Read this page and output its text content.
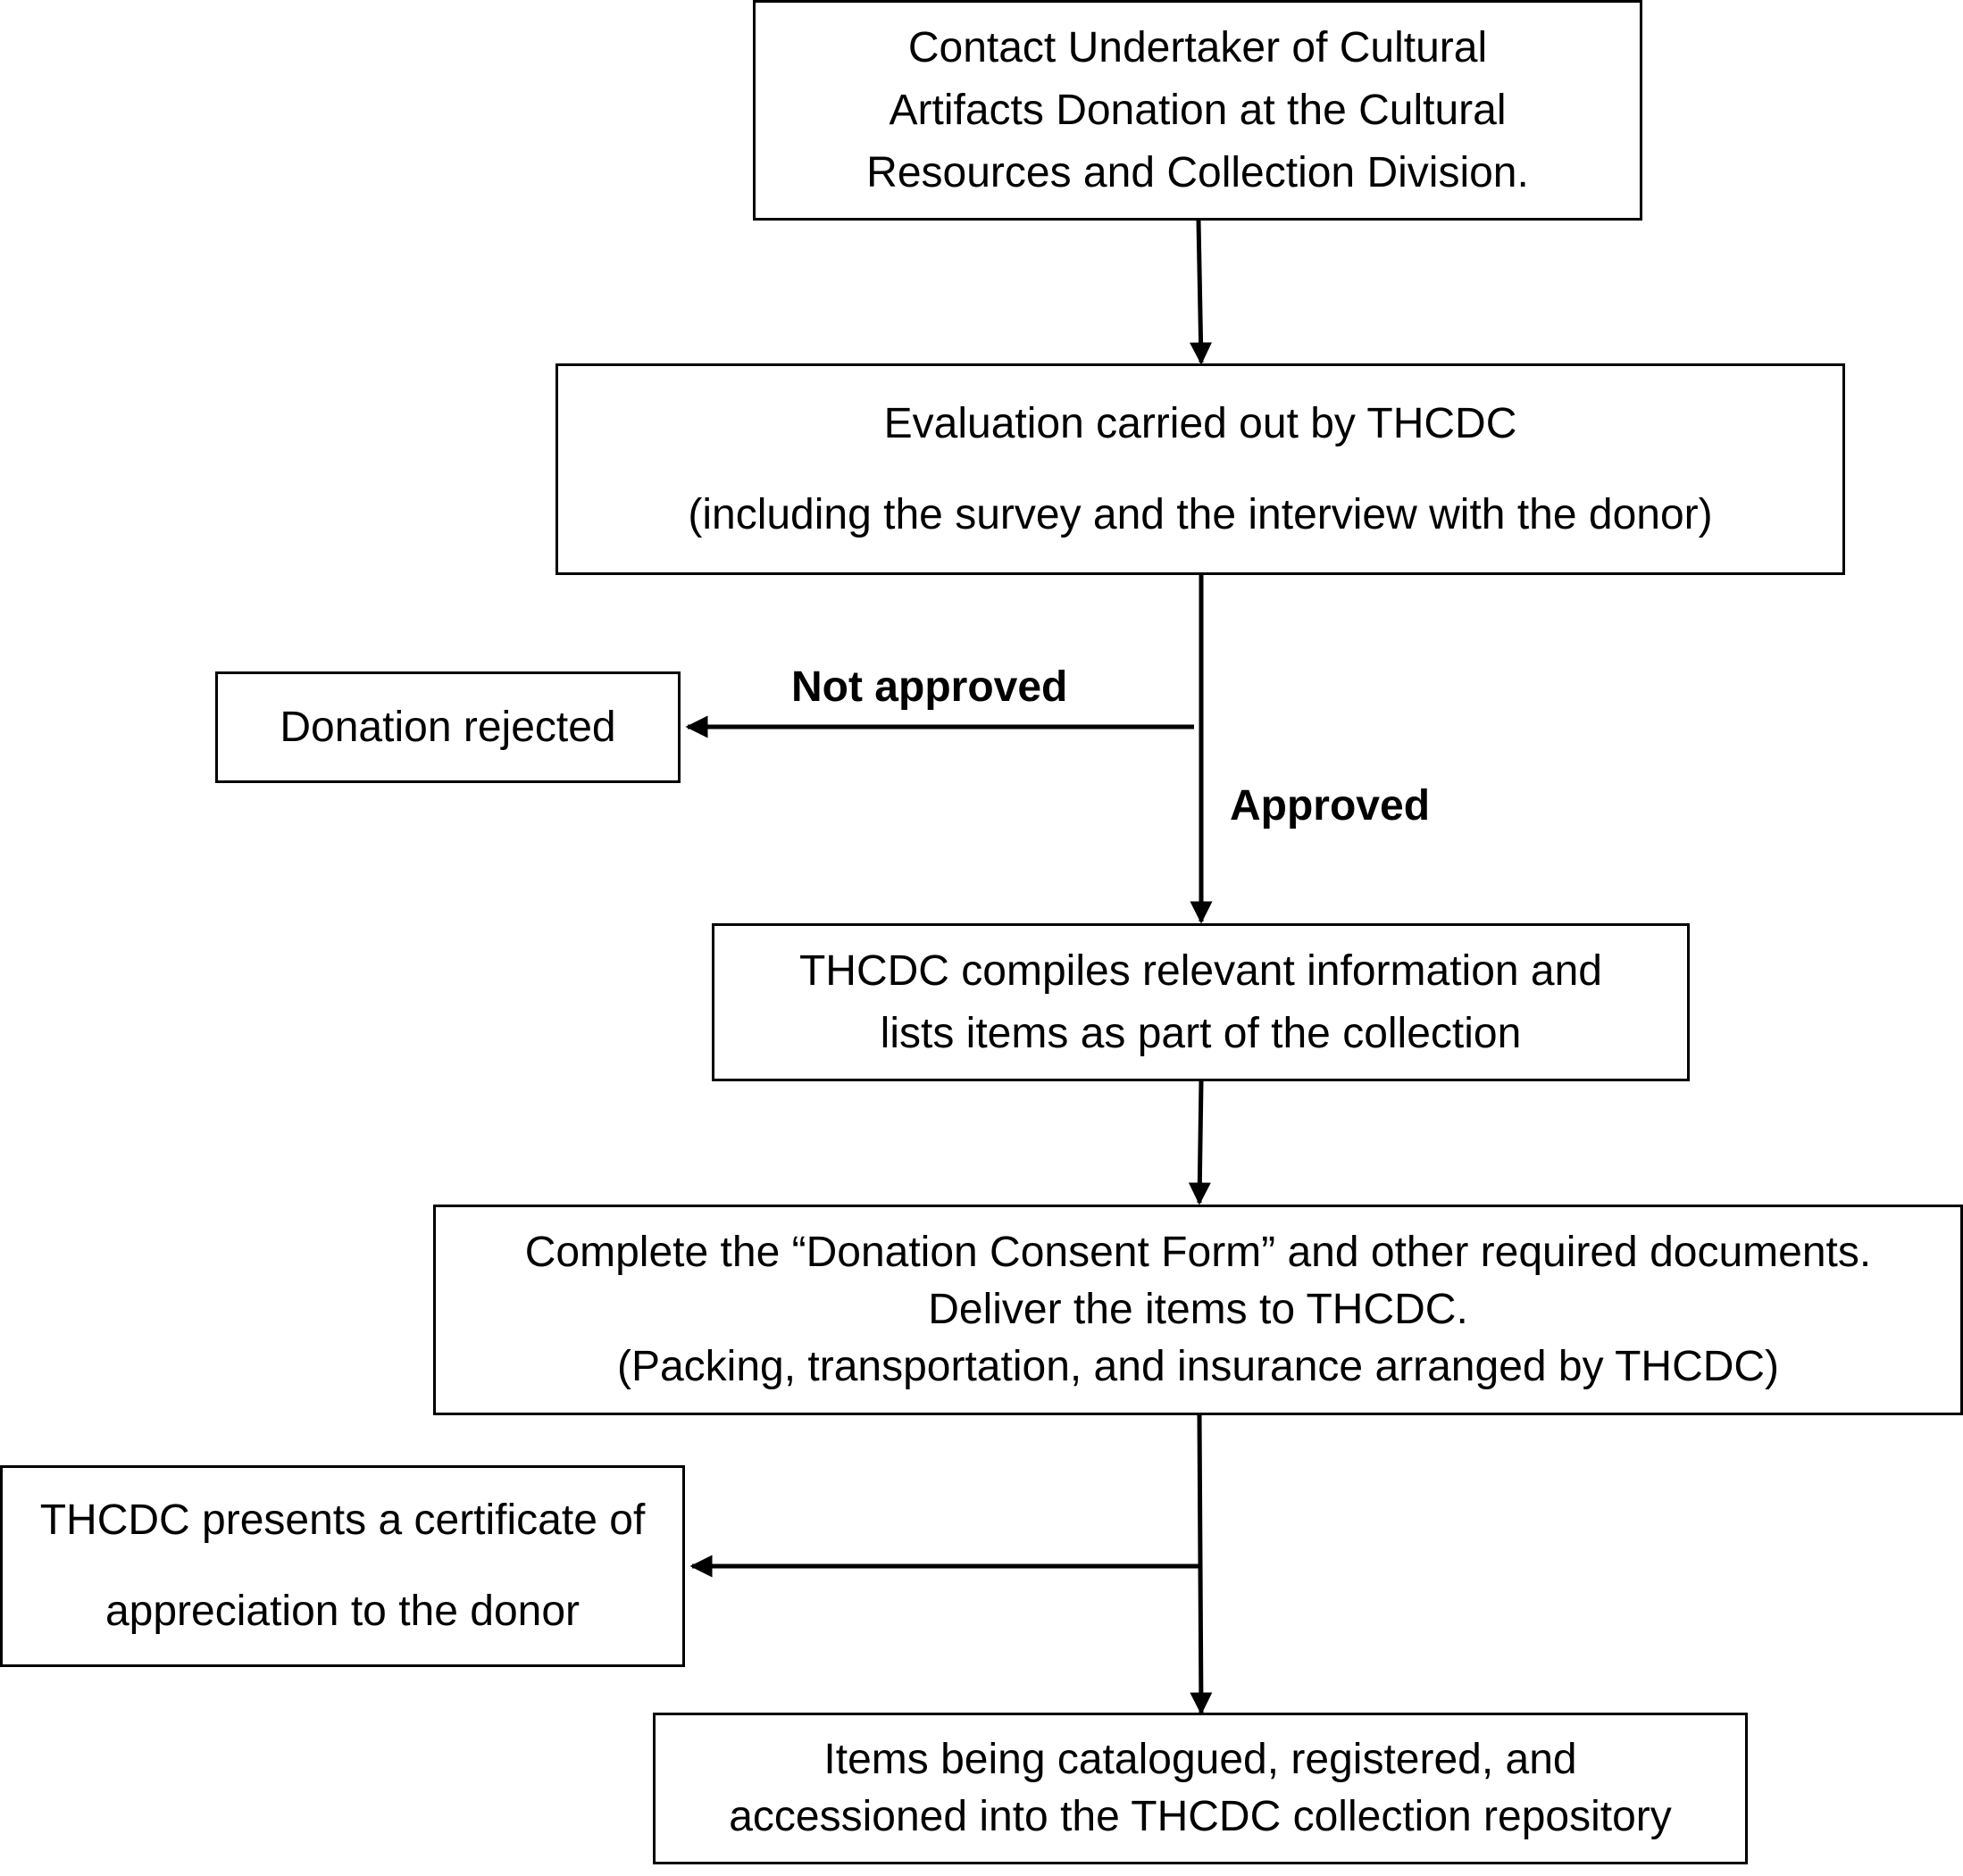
Contact Undertaker of Cultural
Artifacts Donation at the Cultural
Resources and Collection Division.
Evaluation carried out by THCDC
(including the survey and the interview with the donor)
Donation rejected
Not approved
Approved
THCDC compiles relevant information and
lists items as part of the collection
Complete the “Donation Consent Form” and other required documents.
Deliver the items to THCDC.
(Packing, transportation, and insurance arranged by THCDC)
THCDC presents a certificate of
appreciation to the donor
Items being catalogued, registered, and
accessioned into the THCDC collection repository
